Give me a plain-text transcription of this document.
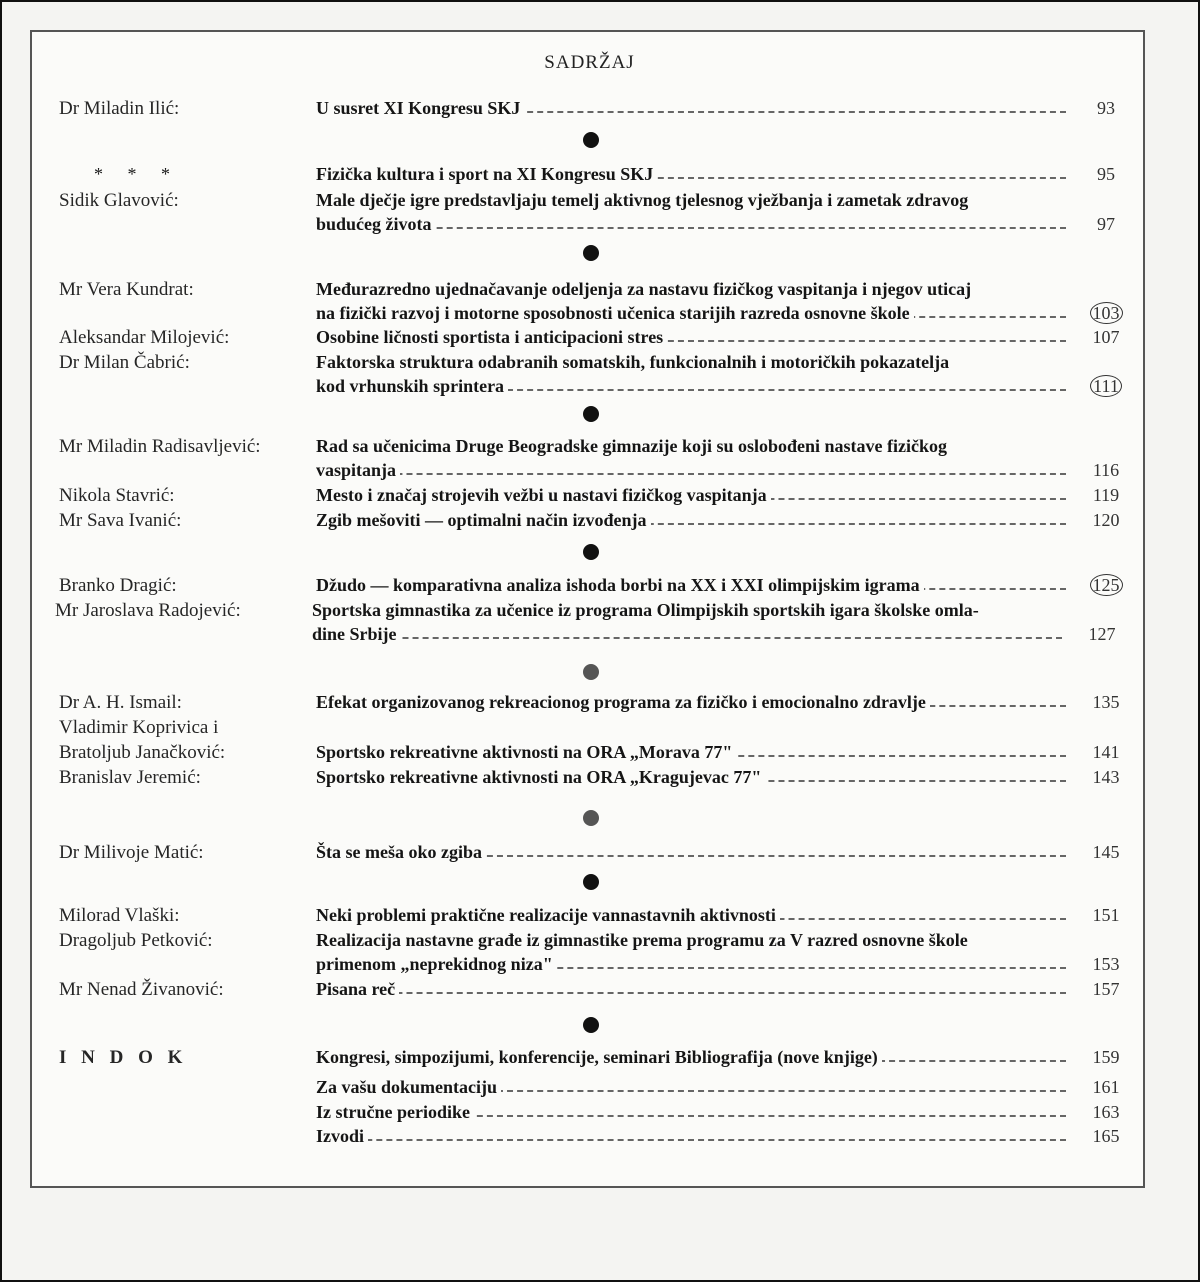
SADRŽAJ
Dr Miladin Ilić:	U susret XI Kongresu SKJ	93
* * *	Fizička kultura i sport na XI Kongresu SKJ	95
Sidik Glavović:	Male dječje igre predstavljaju temelj aktivnog tjelesnog vježbanja i zametak zdravog
budućeg života	97
Mr Vera Kundrat:	Međurazredno ujednačavanje odeljenja za nastavu fizičkog vaspitanja i njegov uticaj
na fizički razvoj i motorne sposobnosti učenica starijih razreda osnovne škole	103
Aleksandar Milojević:	Osobine ličnosti sportista i anticipacioni stres	107
Dr Milan Čabrić:	Faktorska struktura odabranih somatskih, funkcionalnih i motoričkih pokazatelja
kod vrhunskih sprintera	111
Mr Miladin Radisavljević:	Rad sa učenicima Druge Beogradske gimnazije koji su oslobođeni nastave fizičkog
vaspitanja	116
Nikola Stavrić:	Mesto i značaj strojevih vežbi u nastavi fizičkog vaspitanja	119
Mr Sava Ivanić:	Zgib mešoviti — optimalni način izvođenja	120
Branko Dragić:	Džudo — komparativna analiza ishoda borbi na XX i XXI olimpijskim igrama	125
Mr Jaroslava Radojević:	Sportska gimnastika za učenice iz programa Olimpijskih sportskih igara školske omla-
dine Srbije	127
Dr A. H. Ismail:	Efekat organizovanog rekreacionog programa za fizičko i emocionalno zdravlje	135
Vladimir Koprivica i
Bratoljub Janačković:	Sportsko rekreativne aktivnosti na ORA „Morava 77"	141
Branislav Jeremić:	Sportsko rekreativne aktivnosti na ORA „Kragujevac 77"	143
Dr Milivoje Matić:	Šta se meša oko zgiba	145
Milorad Vlaški:	Neki problemi praktične realizacije vannastavnih aktivnosti	151
Dragoljub Petković:	Realizacija nastavne građe iz gimnastike prema programu za V razred osnovne škole
primenom „neprekidnog niza"	153
Mr Nenad Živanović:	Pisana reč	157
I N D O K	Kongresi, simpozijumi, konferencije, seminari Bibliografija (nove knjige)	159
Za vašu dokumentaciju	161
Iz stručne periodike	163
Izvodi	165
